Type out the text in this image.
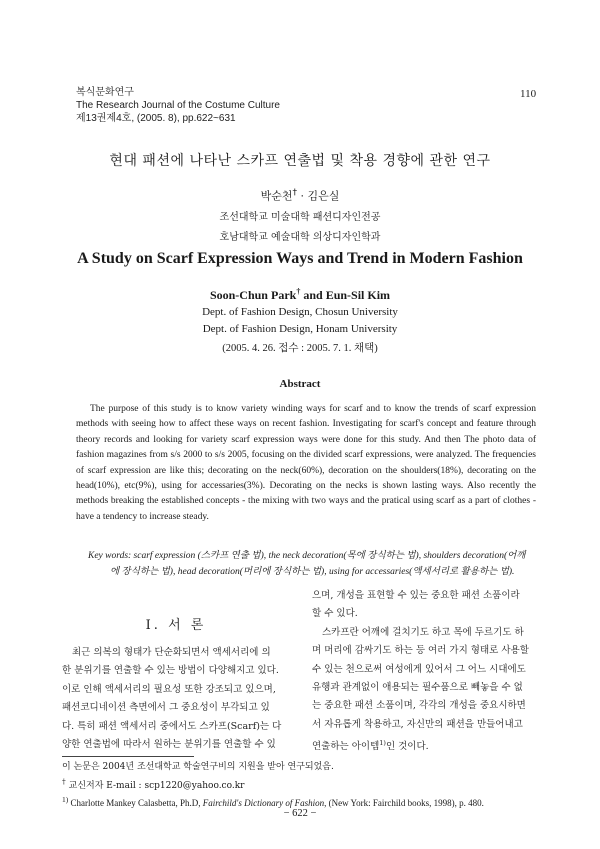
복식문화연구
The Research Journal of the Costume Culture
제13권제4호, (2005. 8), pp.622~631
110
현대 패션에 나타난 스카프 연출법 및 착용 경향에 관한 연구
박순천† · 김은실
조선대학교 미술대학 패션디자인전공
호남대학교 예술대학 의상디자인학과
A Study on Scarf Expression Ways and Trend in Modern Fashion
Soon-Chun Park† and Eun-Sil Kim
Dept. of Fashion Design, Chosun University
Dept. of Fashion Design, Honam University
(2005. 4. 26. 접수 : 2005. 7. 1. 채택)
Abstract
The purpose of this study is to know variety winding ways for scarf and to know the trends of scarf expression methods with seeing how to affect these ways on recent fashion. Investigating for scarf's concept and feature through theory records and looking for variety scarf expression ways were done for this study. And then The photo data of fashion magazines from s/s 2000 to s/s 2005, focusing on the divided scarf expressions, were analyzed. The frequencies of scarf expression are like this; decorating on the neck(60%), decoration on the shoulders(18%), decorating on the head(10%), etc(9%), using for accessaries(3%). Decorating on the necks is shown lasting ways. Also recently the methods breaking the established concepts - the mixing with two ways and the pratical using scarf as a part of clothes - have a tendency to increase steady.
Key words: scarf expression (스카프 연출 법), the neck decoration(목에 장식하는 법), shoulders decoration(어깨
에 장식하는 법), head decoration(머리에 장식하는 법), using for accessaries(액세서리로 활용하는 법).
Ⅰ. 서 론
최근 의복의 형태가 단순화되면서 액세서리에 의
한 분위기를 연출할 수 있는 방법이 다양해지고 있다.
이로 인해 액세서리의 필요성 또한 강조되고 있으며,
패션코디네이션 측면에서 그 중요성이 부각되고 있
다. 특히 패션 액세서리 중에서도 스카프(Scarf)는 다
양한 연출법에 따라서 원하는 분위기를 연출할 수 있
으며, 개성을 표현할 수 있는 중요한 패션 소품이라
할 수 있다.
스카프란 어깨에 걸치기도 하고 목에 두르기도 하
며 머리에 감싸기도 하는 등 여러 가지 형태로 사용할
수 있는 천으로써 여성에게 있어서 그 어느 시대에도
유행과 관계없이 애용되는 필수품으로 빼놓을 수 없
는 중요한 패션 소품이며, 각각의 개성을 중요시하면
서 자유롭게 착용하고, 자신만의 패션을 만들어내고
연출하는 아이템$^{1)}$인 것이다.
이 논문은 2004년 조선대학교 학술연구비의 지원을 받아 연구되었음.
† 교신저자 E-mail : scp1220@yahoo.co.kr
$^{1)}$ Charlotte Mankey Calasbetta, Ph.D, Fairchild's Dictionary of Fashion, (New York: Fairchild books, 1998), p. 480.
− 622 −
